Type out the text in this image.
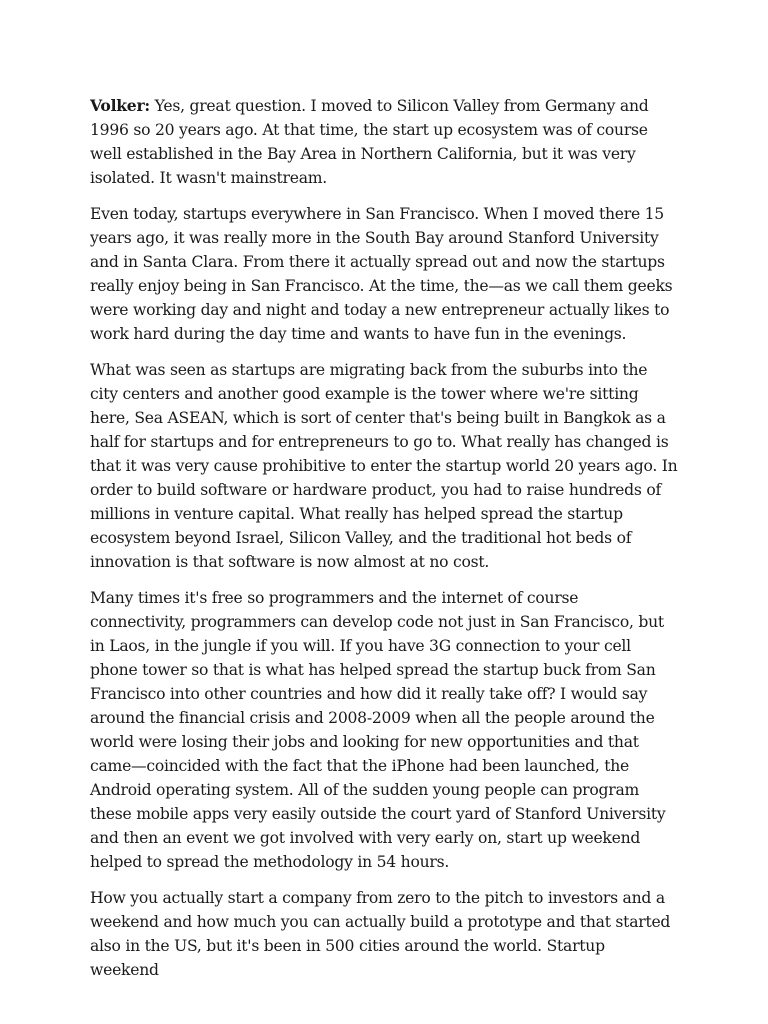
Volker: Yes, great question. I moved to Silicon Valley from Germany and 1996 so 20 years ago. At that time, the start up ecosystem was of course well established in the Bay Area in Northern California, but it was very isolated. It wasn't mainstream.

Even today, startups everywhere in San Francisco. When I moved there 15 years ago, it was really more in the South Bay around Stanford University and in Santa Clara. From there it actually spread out and now the startups really enjoy being in San Francisco. At the time, the—as we call them geeks were working day and night and today a new entrepreneur actually likes to work hard during the day time and wants to have fun in the evenings.

What was seen as startups are migrating back from the suburbs into the city centers and another good example is the tower where we're sitting here, Sea ASEAN, which is sort of center that's being built in Bangkok as a half for startups and for entrepreneurs to go to. What really has changed is that it was very cause prohibitive to enter the startup world 20 years ago. In order to build software or hardware product, you had to raise hundreds of millions in venture capital. What really has helped spread the startup ecosystem beyond Israel, Silicon Valley, and the traditional hot beds of innovation is that software is now almost at no cost.

Many times it's free so programmers and the internet of course connectivity, programmers can develop code not just in San Francisco, but in Laos, in the jungle if you will. If you have 3G connection to your cell phone tower so that is what has helped spread the startup buck from San Francisco into other countries and how did it really take off? I would say around the financial crisis and 2008-2009 when all the people around the world were losing their jobs and looking for new opportunities and that came—coincided with the fact that the iPhone had been launched, the Android operating system. All of the sudden young people can program these mobile apps very easily outside the court yard of Stanford University and then an event we got involved with very early on, start up weekend helped to spread the methodology in 54 hours.

How you actually start a company from zero to the pitch to investors and a weekend and how much you can actually build a prototype and that started also in the US, but it's been in 500 cities around the world. Startup weekend
